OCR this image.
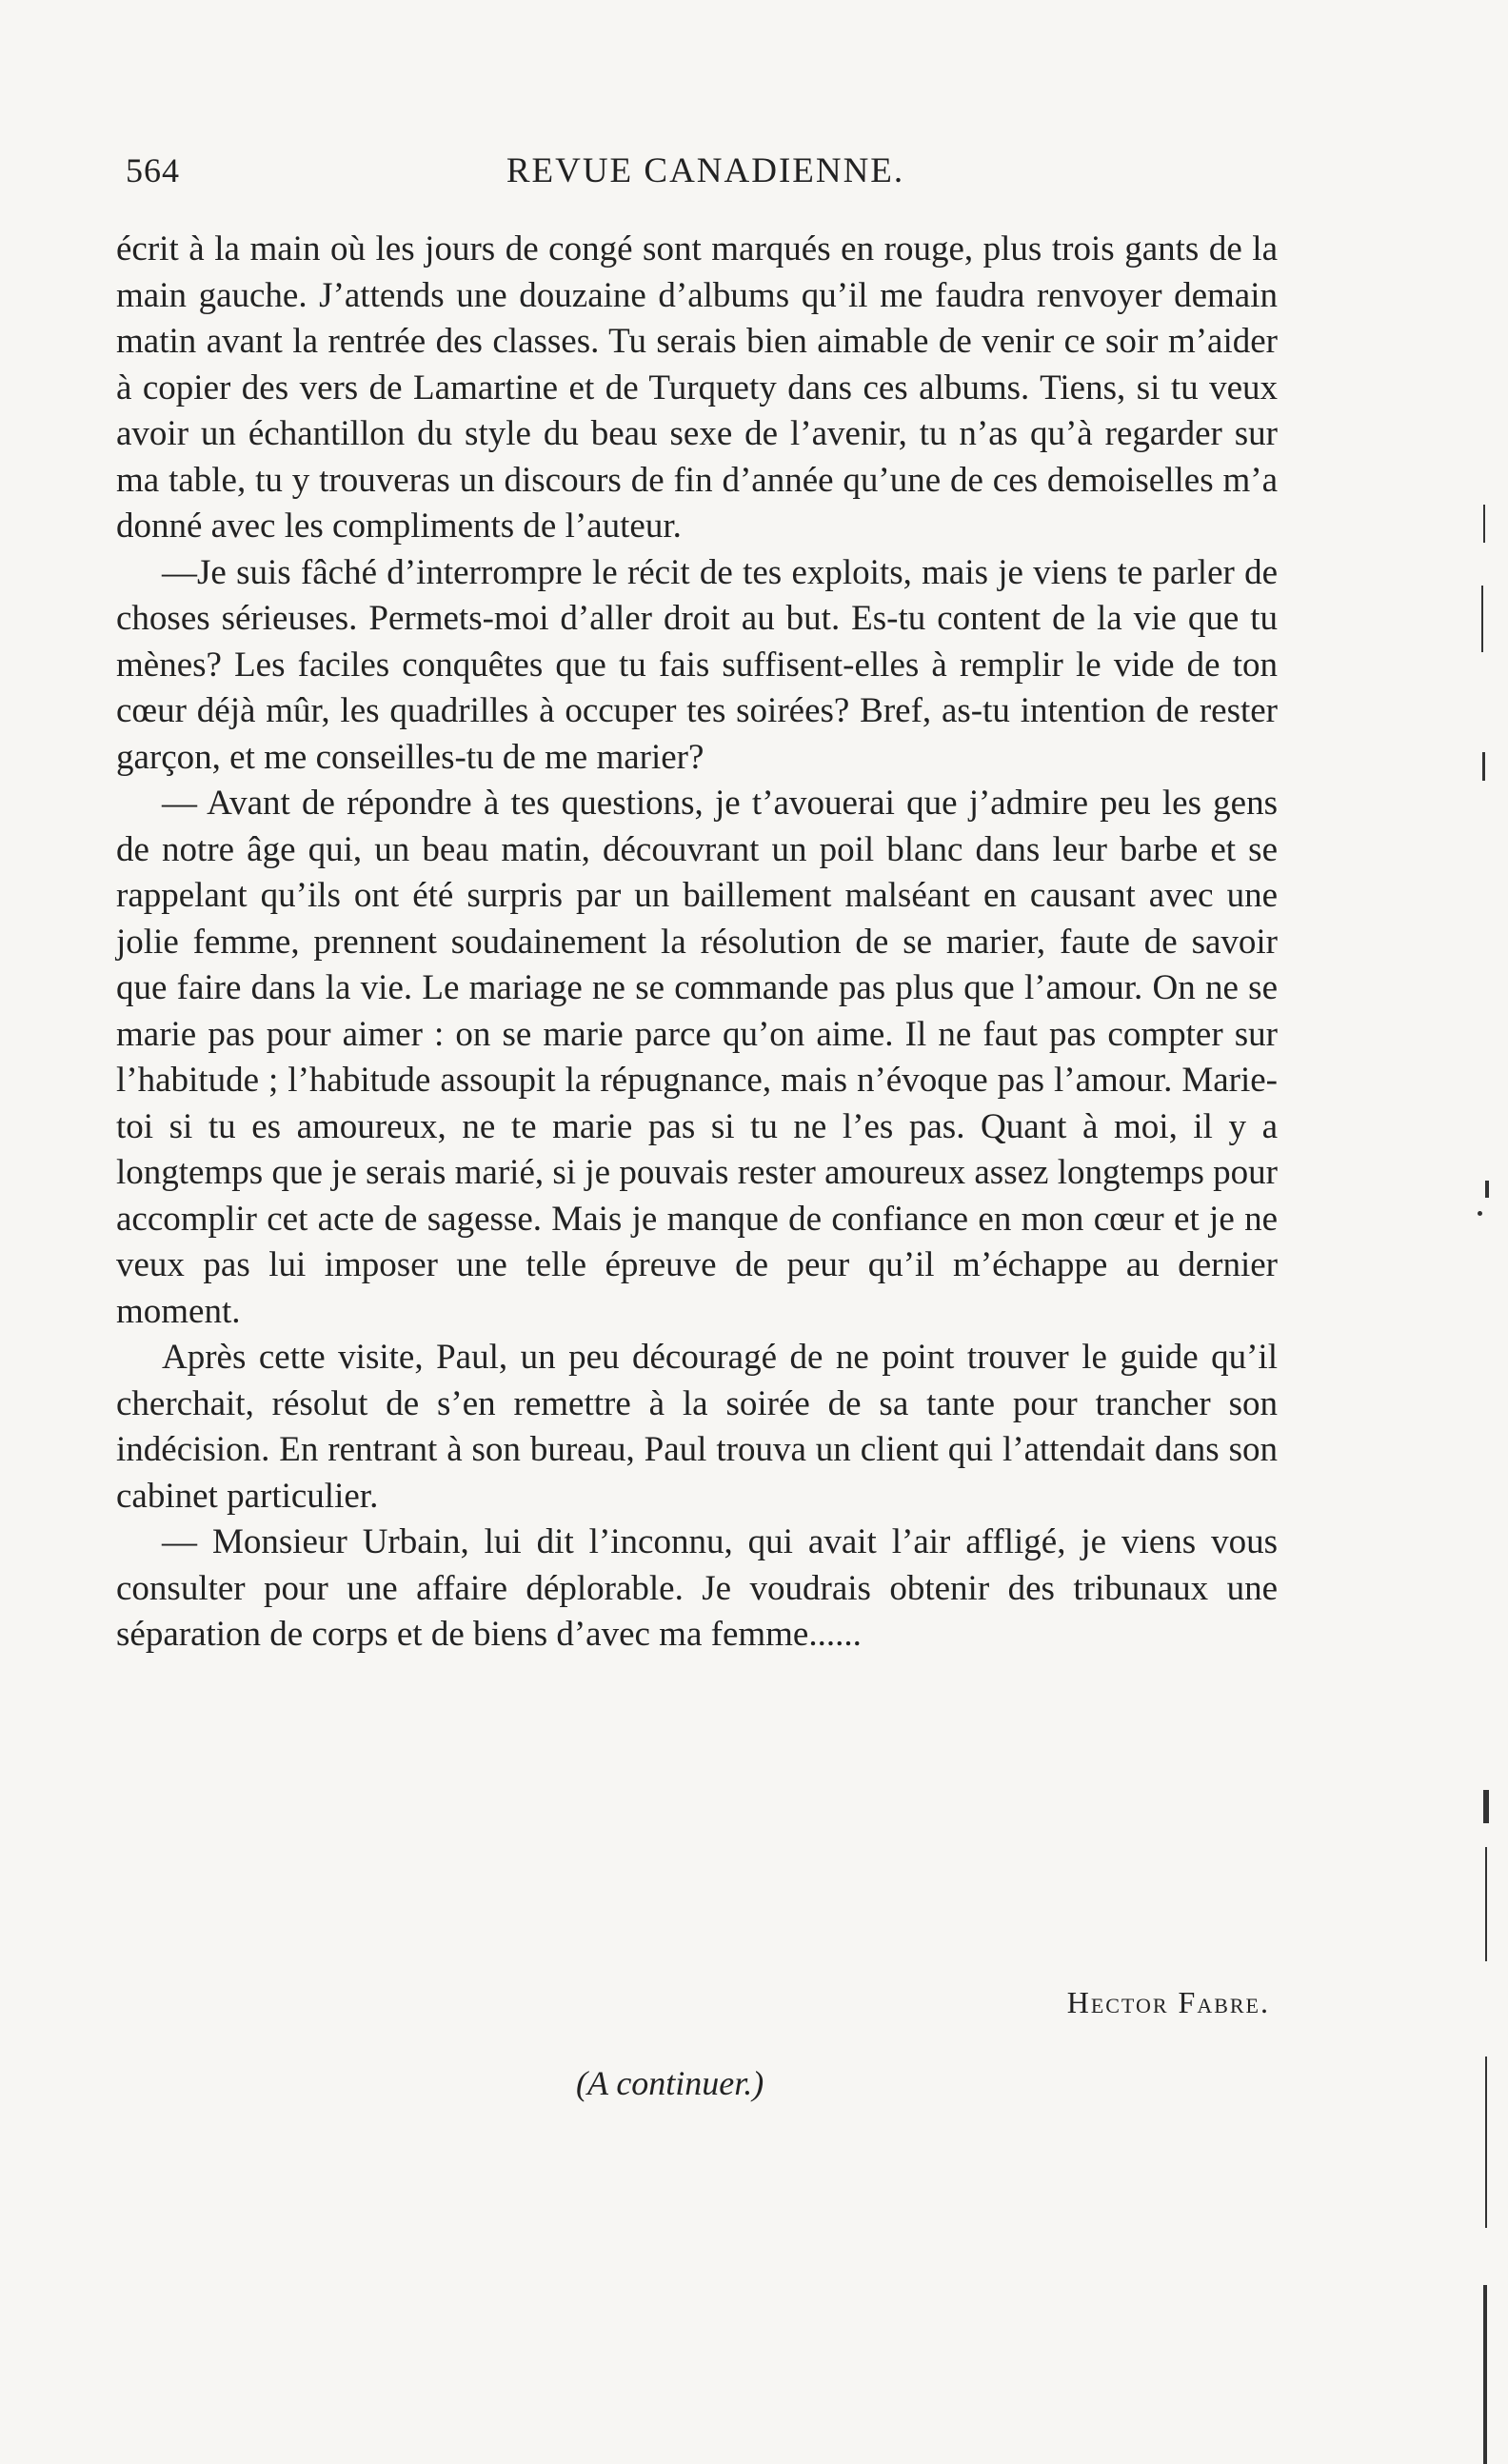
564	REVUE CANADIENNE.

écrit à la main où les jours de congé sont marqués en rouge, plus trois gants de la main gauche. J’attends une douzaine d’albums qu’il me faudra renvoyer demain matin avant la rentrée des classes. Tu serais bien aimable de venir ce soir m’aider à copier des vers de Lamartine et de Turquety dans ces albums. Tiens, si tu veux avoir un échantillon du style du beau sexe de l’avenir, tu n’as qu’à regarder sur ma table, tu y trouveras un discours de fin d’année qu’une de ces demoiselles m’a donné avec les compliments de l’auteur.

—Je suis fâché d’interrompre le récit de tes exploits, mais je viens te parler de choses sérieuses. Permets-moi d’aller droit au but. Es-tu content de la vie que tu mènes? Les faciles conquêtes que tu fais suffisent-elles à remplir le vide de ton cœur déjà mûr, les quadrilles à occuper tes soirées? Bref, as-tu intention de rester garçon, et me conseilles-tu de me marier?

— Avant de répondre à tes questions, je t’avouerai que j’admire peu les gens de notre âge qui, un beau matin, découvrant un poil blanc dans leur barbe et se rappelant qu’ils ont été surpris par un baillement malséant en causant avec une jolie femme, prennent soudainement la résolution de se marier, faute de savoir que faire dans la vie. Le mariage ne se commande pas plus que l’amour. On ne se marie pas pour aimer : on se marie parce qu’on aime. Il ne faut pas compter sur l’habitude ; l’habitude assoupit la répugnance, mais n’évoque pas l’amour. Marie-toi si tu es amoureux, ne te marie pas si tu ne l’es pas. Quant à moi, il y a longtemps que je serais marié, si je pouvais rester amoureux assez longtemps pour accomplir cet acte de sagesse. Mais je manque de confiance en mon cœur et je ne veux pas lui imposer une telle épreuve de peur qu’il m’échappe au dernier moment.

Après cette visite, Paul, un peu découragé de ne point trouver le guide qu’il cherchait, résolut de s’en remettre à la soirée de sa tante pour trancher son indécision. En rentrant à son bureau, Paul trouva un client qui l’attendait dans son cabinet particulier.

— Monsieur Urbain, lui dit l’inconnu, qui avait l’air affligé, je viens vous consulter pour une affaire déplorable. Je voudrais obtenir des tribunaux une séparation de corps et de biens d’avec ma femme......

Hector Fabre.
(A continuer.)
